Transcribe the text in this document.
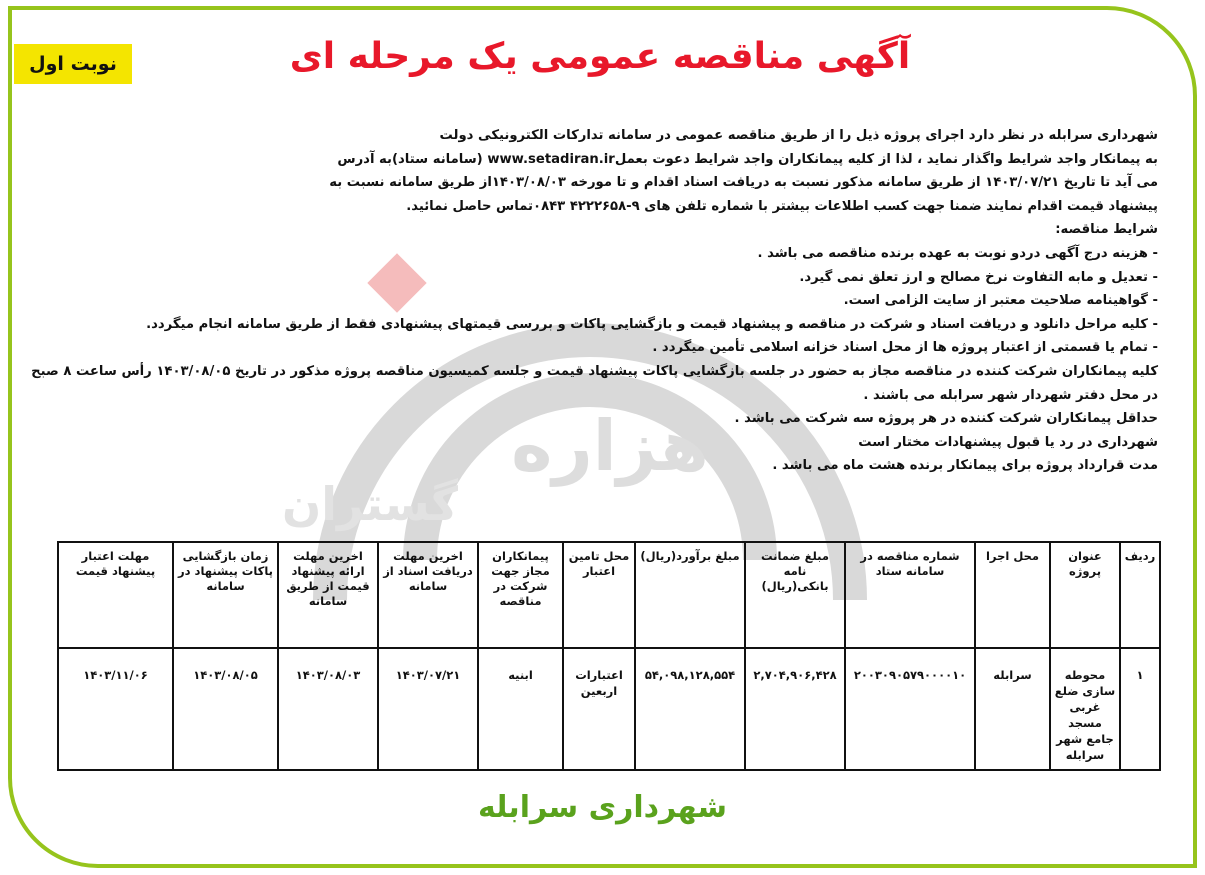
هزاره
گستران
نوبت اول	آگهی مناقصه عمومی یک مرحله ای

شهرداری سرابله در نظر دارد اجرای پروژه ذیل را از طریق مناقصه عمومی در سامانه تدارکات الکترونیکی دولت

به پیمانکار واجد شرایط واگذار نماید ، لذا از کلیه پیمانکاران واجد شرایط دعوت بعملwww.setadiran.ir (سامانه ستاد)به آدرس

می آید تا تاریخ ۱۴۰۳/۰۷/۲۱ از طریق سامانه مذکور نسبت به دریافت اسناد اقدام و تا مورخه ۱۴۰۳/۰۸/۰۳از طریق سامانه نسبت به

پیشنهاد قیمت اقدام نمایند ضمنا جهت کسب اطلاعات بیشتر با شماره تلفن های ۹-۴۲۲۲۶۵۸ ۰۸۴۳تماس حاصل نمائید.

شرایط مناقصه:

- هزینه درج آگهی دردو نوبت به عهده برنده مناقصه می باشد .

- تعدیل و مابه التفاوت نرخ مصالح و ارز تعلق نمی گیرد.

- گواهینامه صلاحیت معتبر از سایت الزامی است.

- کلیه مراحل دانلود و دریافت اسناد و شرکت در مناقصه و پیشنهاد قیمت و بازگشایی پاکات و بررسی قیمتهای پیشنهادی فقط از طریق سامانه انجام میگردد.

- تمام یا قسمتی از اعتبار پروژه ها از محل اسناد خزانه اسلامی تأمین میگردد .

کلیه پیمانکاران شرکت کننده در مناقصه مجاز به حضور در جلسه بازگشایی پاکات پیشنهاد قیمت و جلسه کمیسیون مناقصه پروژه مذکور در تاریخ ۱۴۰۳/۰۸/۰۵ رأس ساعت ۸ صبح

در محل دفتر شهردار شهر سرابله می باشند .

حداقل پیمانکاران شرکت کننده در هر پروژه سه شرکت می باشد .

شهرداری در رد یا قبول پیشنهادات مختار است

مدت قرارداد پروژه برای پیمانکار برنده هشت ماه می باشد .

ردیف	عنوان پروژه	محل اجرا	شماره مناقصه در سامانه ستاد	مبلغ ضمانت نامه بانکی(ریال)	مبلغ برآورد(ریال)	محل تامین اعتبار	پیمانکاران مجاز جهت شرکت در مناقصه	اخرین مهلت دریافت اسناد از سامانه	اخرین مهلت ارائه پیشنهاد قیمت از طریق سامانه	زمان بازگشایی پاکات پیشنهاد در سامانه	مهلت اعتبار پیشنهاد قیمت
۱	محوطه سازی ضلع غربی مسجد جامع شهر سرابله	سرابله	۲۰۰۳۰۹۰۵۷۹۰۰۰۰۱۰	۲,۷۰۴,۹۰۶,۴۲۸	۵۴,۰۹۸,۱۲۸,۵۵۴	اعتبارات اربعین	ابنیه	۱۴۰۳/۰۷/۲۱	۱۴۰۳/۰۸/۰۳	۱۴۰۳/۰۸/۰۵	۱۴۰۳/۱۱/۰۶
شهرداری سرابله
